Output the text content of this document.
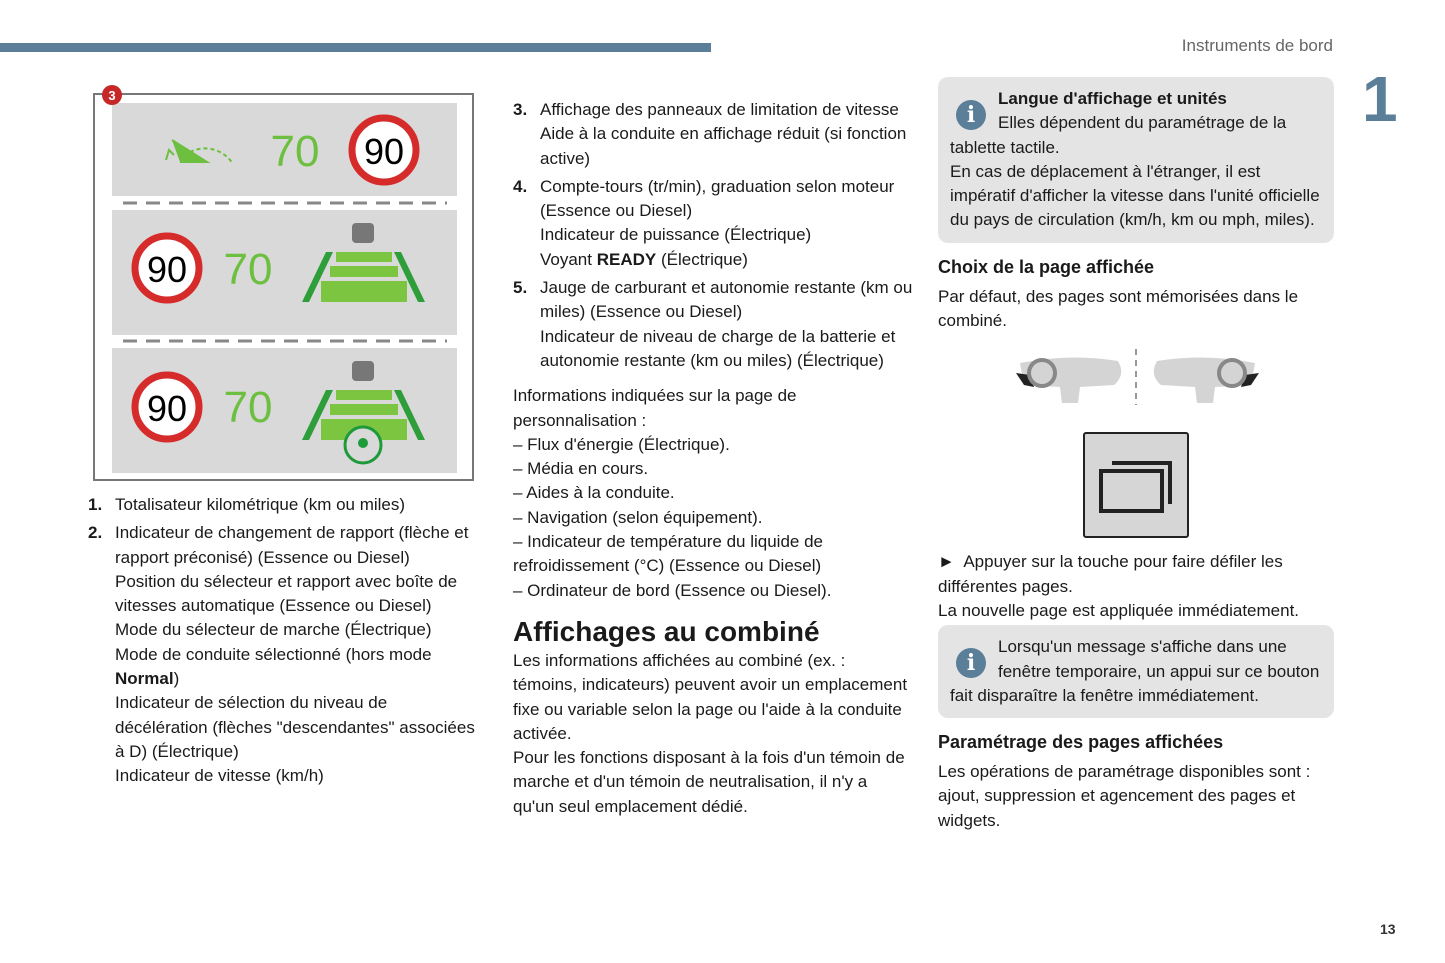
Instruments de bord
1
13
70 90
90 70
90 70
3
1. Totalisateur kilométrique (km ou miles)
2. Indicateur de changement de rapport (flèche et rapport préconisé) (Essence ou Diesel)
Position du sélecteur et rapport avec boîte de vitesses automatique (Essence ou Diesel)
Mode du sélecteur de marche (Électrique)
Mode de conduite sélectionné (hors mode Normal)
Indicateur de sélection du niveau de décélération (flèches "descendantes" associées à D) (Électrique)
Indicateur de vitesse (km/h)
3. Affichage des panneaux de limitation de vitesse
Aide à la conduite en affichage réduit (si fonction active)
4. Compte-tours (tr/min), graduation selon moteur (Essence ou Diesel)
Indicateur de puissance (Électrique)
Voyant READY (Électrique)
5. Jauge de carburant et autonomie restante (km ou miles) (Essence ou Diesel)
Indicateur de niveau de charge de la batterie et autonomie restante (km ou miles) (Électrique)
Informations indiquées sur la page de personnalisation :
– Flux d'énergie (Électrique).
– Média en cours.
– Aides à la conduite.
– Navigation (selon équipement).
– Indicateur de température du liquide de refroidissement (°C) (Essence ou Diesel)
– Ordinateur de bord (Essence ou Diesel).
Affichages au combiné
Les informations affichées au combiné (ex. : témoins, indicateurs) peuvent avoir un emplacement fixe ou variable selon la page ou l'aide à la conduite activée.
Pour les fonctions disposant à la fois d'un témoin de marche et d'un témoin de neutralisation, il n'y a qu'un seul emplacement dédié.
i
Langue d'affichage et unités
Elles dépendent du paramétrage de la tablette tactile.
En cas de déplacement à l'étranger, il est impératif d'afficher la vitesse dans l'unité officielle du pays de circulation (km/h, km ou mph, miles).
Choix de la page affichée
Par défaut, des pages sont mémorisées dans le combiné.
► Appuyer sur la touche pour faire défiler les différentes pages.
La nouvelle page est appliquée immédiatement.
i
Lorsqu'un message s'affiche dans une fenêtre temporaire, un appui sur ce bouton fait disparaître la fenêtre immédiatement.
Paramétrage des pages affichées
Les opérations de paramétrage disponibles sont : ajout, suppression et agencement des pages et widgets.
